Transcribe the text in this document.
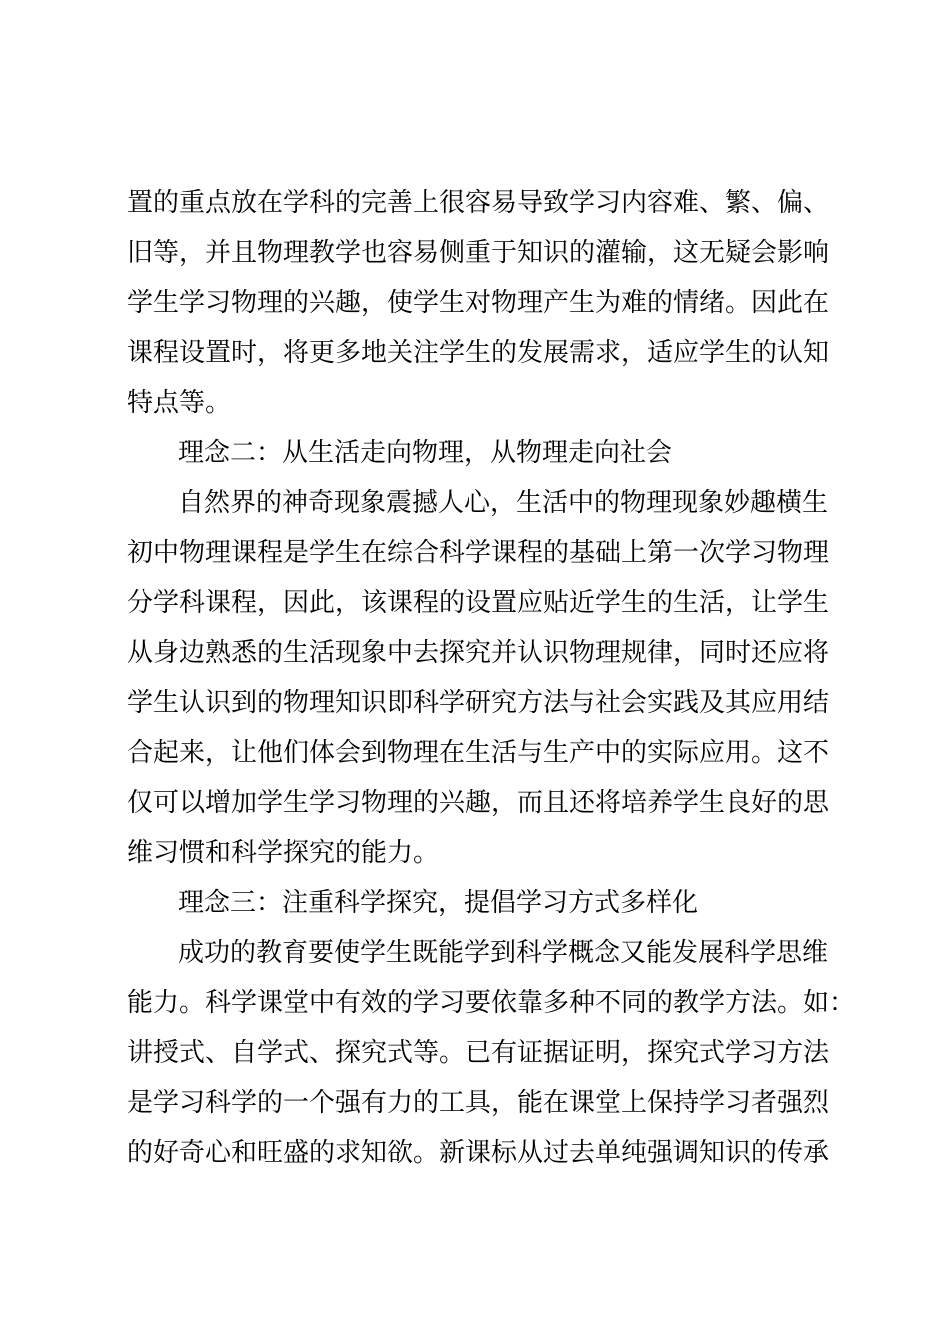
置的重点放在学科的完善上很容易导致学习内容难、繁、偏、
旧等，并且物理教学也容易侧重于知识的灌输，这无疑会影响
学生学习物理的兴趣，使学生对物理产生为难的情绪。因此在
课程设置时，将更多地关注学生的发展需求，适应学生的认知
特点等。
理念二：从生活走向物理，从物理走向社会
自然界的神奇现象震撼人心，生活中的物理现象妙趣横生
初中物理课程是学生在综合科学课程的基础上第一次学习物理
分学科课程，因此，该课程的设置应贴近学生的生活，让学生
从身边熟悉的生活现象中去探究并认识物理规律，同时还应将
学生认识到的物理知识即科学研究方法与社会实践及其应用结
合起来，让他们体会到物理在生活与生产中的实际应用。这不
仅可以增加学生学习物理的兴趣，而且还将培养学生良好的思
维习惯和科学探究的能力。
理念三：注重科学探究，提倡学习方式多样化
成功的教育要使学生既能学到科学概念又能发展科学思维
能力。科学课堂中有效的学习要依靠多种不同的教学方法。如：
讲授式、自学式、探究式等。已有证据证明，探究式学习方法
是学习科学的一个强有力的工具，能在课堂上保持学习者强烈
的好奇心和旺盛的求知欲。新课标从过去单纯强调知识的传承
